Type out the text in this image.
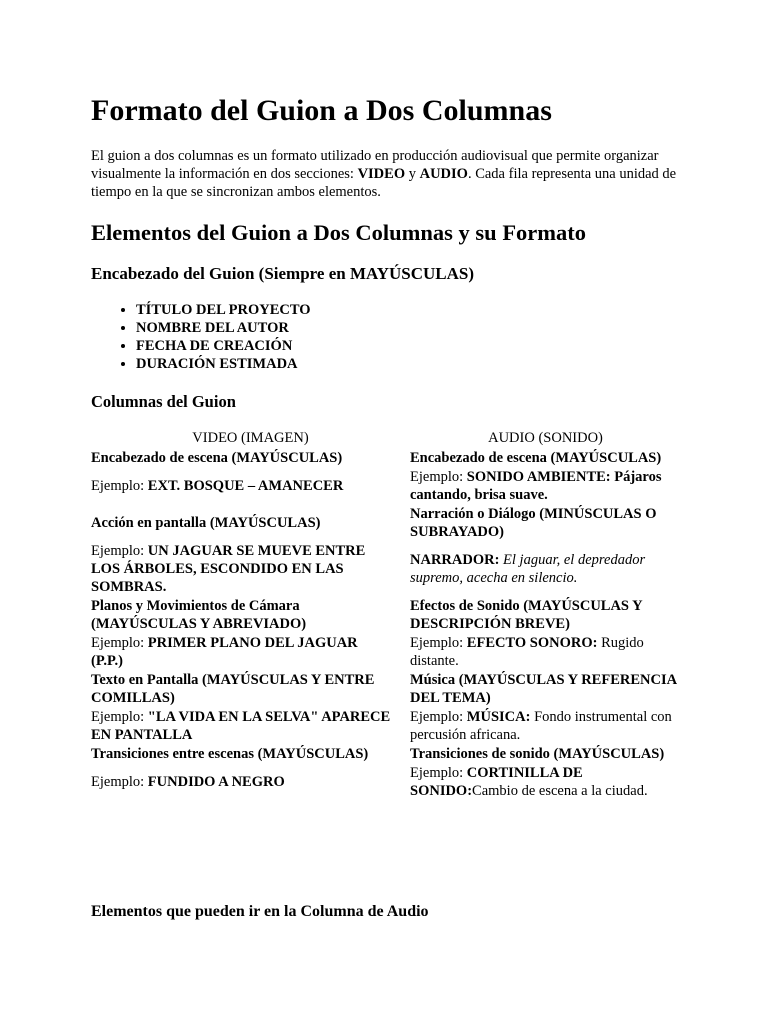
Formato del Guion a Dos Columnas

El guion a dos columnas es un formato utilizado en producción audiovisual que permite organizar visualmente la información en dos secciones: VIDEO y AUDIO. Cada fila representa una unidad de tiempo en la que se sincronizan ambos elementos.

Elementos del Guion a Dos Columnas y su Formato
Encabezado del Guion (Siempre en MAYÚSCULAS)
• TÍTULO DEL PROYECTO
• NOMBRE DEL AUTOR
• FECHA DE CREACIÓN
• DURACIÓN ESTIMADA
Columnas del Guion
VIDEO (IMAGEN)	AUDIO (SONIDO)
Encabezado de escena (MAYÚSCULAS)	Encabezado de escena (MAYÚSCULAS)
Ejemplo: EXT. BOSQUE – AMANECER	Ejemplo: SONIDO AMBIENTE: Pájaros cantando, brisa suave.
Acción en pantalla (MAYÚSCULAS)	Narración o Diálogo (MINÚSCULAS O SUBRAYADO)
Ejemplo: UN JAGUAR SE MUEVE ENTRE LOS ÁRBOLES, ESCONDIDO EN LAS SOMBRAS.	NARRADOR: El jaguar, el depredador supremo, acecha en silencio.
Planos y Movimientos de Cámara (MAYÚSCULAS Y ABREVIADO)	Efectos de Sonido (MAYÚSCULAS Y DESCRIPCIÓN BREVE)
Ejemplo: PRIMER PLANO DEL JAGUAR (P.P.)	Ejemplo: EFECTO SONORO: Rugido distante.
Texto en Pantalla (MAYÚSCULAS Y ENTRE COMILLAS)	Música (MAYÚSCULAS Y REFERENCIA DEL TEMA)
Ejemplo: "LA VIDA EN LA SELVA" APARECE EN PANTALLA	Ejemplo: MÚSICA: Fondo instrumental con percusión africana.
Transiciones entre escenas (MAYÚSCULAS)	Transiciones de sonido (MAYÚSCULAS)
Ejemplo: FUNDIDO A NEGRO	Ejemplo: CORTINILLA DE SONIDO:Cambio de escena a la ciudad.
Elementos que pueden ir en la Columna de Audio
